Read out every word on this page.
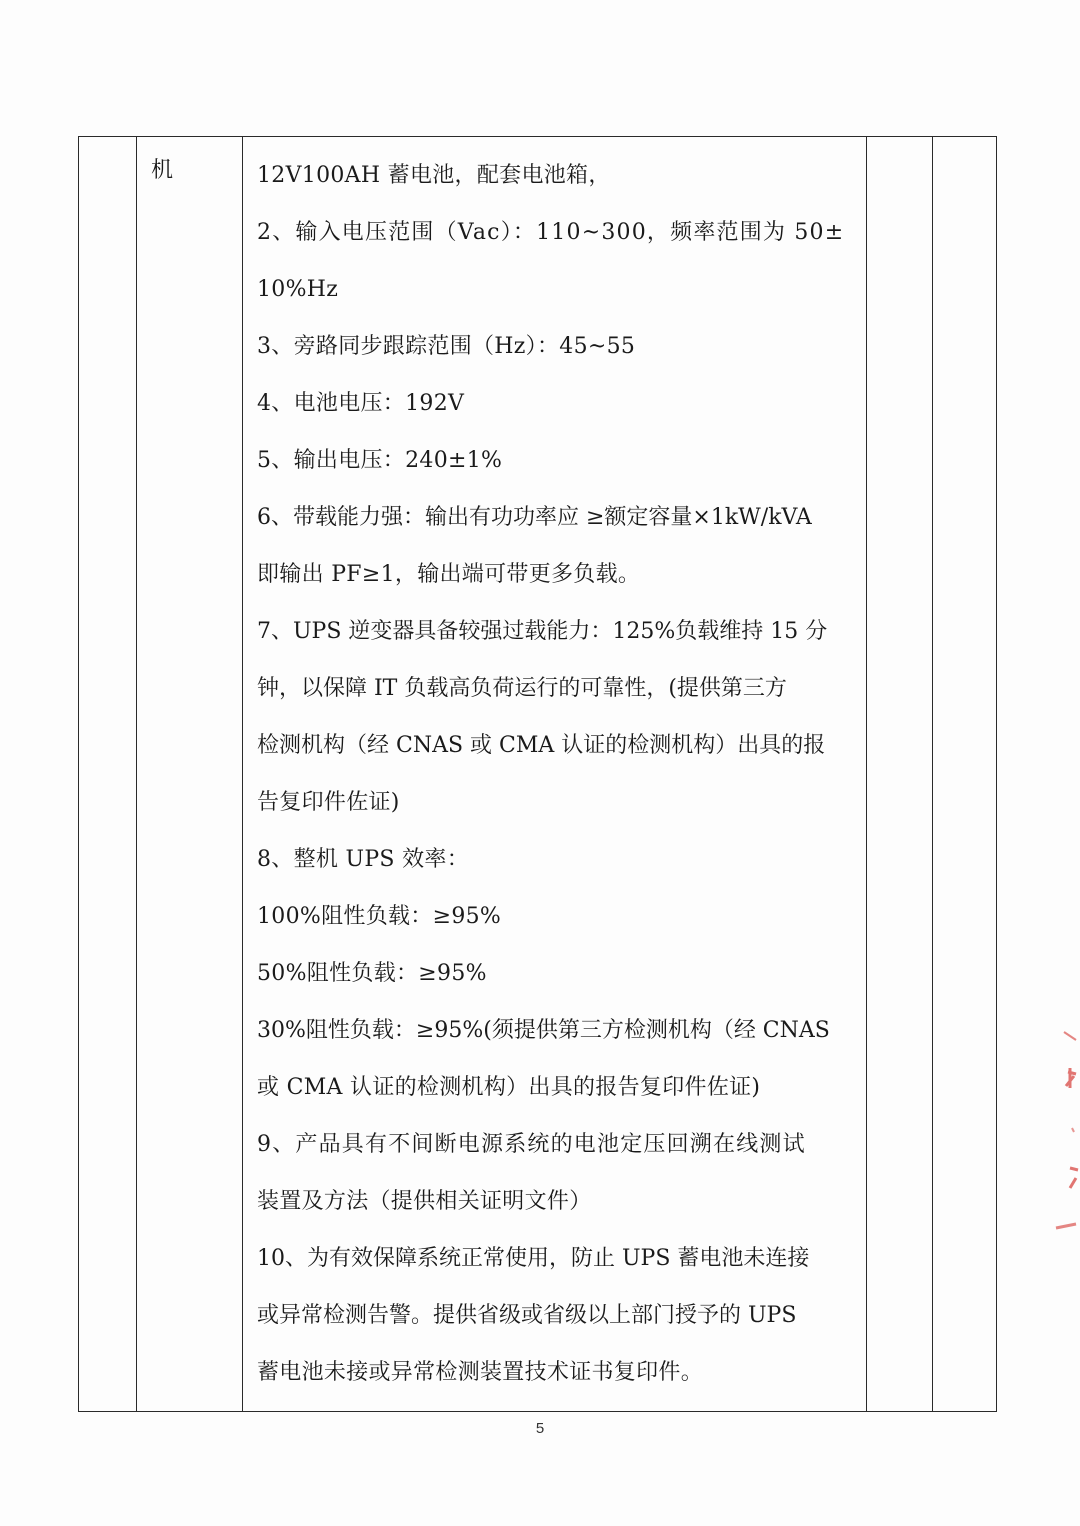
	机	12V100AH 蓄电池，配套电池箱，
2、输入电压范围（Vac）：110~300，频率范围为 50±
10%Hz
3、旁路同步跟踪范围（Hz）：45~55
4、电池电压：192V
5、输出电压：240±1%
6、带载能力强：输出有功功率应 ≥额定容量×1kW/kVA
即输出 PF≥1，输出端可带更多负载。
7、UPS 逆变器具备较强过载能力：125%负载维持 15 分
钟，以保障 IT 负载高负荷运行的可靠性，(提供第三方
检测机构（经 CNAS 或 CMA 认证的检测机构）出具的报
告复印件佐证)
8、整机 UPS 效率：
100%阻性负载：≥95%
50%阻性负载：≥95%
30%阻性负载：≥95%(须提供第三方检测机构（经 CNAS
或 CMA 认证的检测机构）出具的报告复印件佐证)
9、产品具有不间断电源系统的电池定压回溯在线测试
装置及方法（提供相关证明文件）
10、为有效保障系统正常使用，防止 UPS 蓄电池未连接
或异常检测告警。提供省级或省级以上部门授予的 UPS
蓄电池未接或异常检测装置技术证书复印件。

5
